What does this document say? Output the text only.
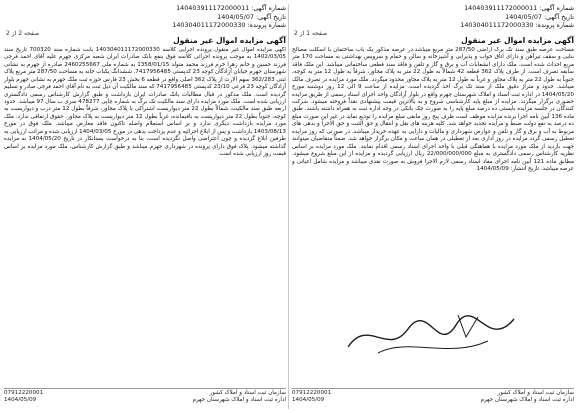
شماره آگهی: 140403911172000011
تاریخ آگهی: 1404/05/07
شماره پرونده: 140304011172000330
صفحه 1 از 2
آگهی مزایده اموال غیر منقول

مساحت عرصه طبق سند تک برگ اراضی 287/50 متر مربع میباشد.در عرصه مذکور یک باب ساختمان با اسکلت مصالح بنایی و سقف تیرآهن و دارای اتاق خواب و پذیرایی و آشپزخانه و سالن و حمام و سرویس بهداشتی به مساحت 170 متر مربع احداث شده است. ملک دارای انشعابات آب و برق و گاز و تلفن و فاقد سند قطعی ساختمانی میباشد. این ملک فاقد سابقه تصرف است. از طرف پلاک 362 قطعه 42 شمالاً به طول 22 متر به پلاک مجاور، شرقاً به طول 12 متر به کوچه، جنوباً به طول 22 متر به پلاک مجاور و غرباً به طول 12 متر به پلاک مجاور محدود میگردد. ملک مورد مزایده در تصرف مالک میباشد. حدود و متراژ دقیق ملک از سند تک برگ اخذ گردیده است. مزایده از ساعت 9 الی 12 روز دوشنبه مورخ 1404/05/20 در اداره ثبت اسناد و املاک شهرستان جهرم واقع در بلوار آزادگان واحد اجرای اسناد رسمی از طریق مزایده حضوری برگزار میگردد. مزایده از مبلغ پایه کارشناسی شروع و به بالاترین قیمت پیشنهادی نقداً فروخته میشود. شرکت کنندگان در جلسه مزایده بایستی ده درصد مبلغ پایه را به صورت چک بانکی در وجه اداره ثبت به همراه داشته باشند. طبق ماده 136 آیین نامه اجرا برنده مزایده موظف است ظرف پنج روز مابقی مبلغ مزایده را تودیع نماید در غیر این صورت مبلغ ده درصد به نفع دولت ضبط و مزایده تجدید خواهد شد. کلیه هزینه های نقل و انتقال و حق الثبت و حق الاجرا و بدهی های مربوط به آب و برق و گاز و تلفن و عوارض شهرداری و مالیات و دارایی به عهده خریدار میباشد. در صورتی که روز مزایده تعطیل رسمی گردد مزایده در روز اداری بعد از تعطیلی در همان ساعت و مکان برگزار خواهد شد. ضمناً متقاضیان میتوانند جهت بازدید از ملک مورد مزایده با هماهنگی قبلی با واحد اجرای اسناد رسمی اقدام نمایند. ملک مورد مزایده بر اساس نظریه کارشناس رسمی دادگستری به مبلغ 22/000/000/000 ریال ارزیابی گردیده و مزایده از این مبلغ شروع میشود. مطابق ماده 121 آیین نامه اجرای مفاد اسناد رسمی لازم الاجرا فروش به صورت نقدی میباشد و مزایده شامل اعیانی و عرصه میباشد. تاریخ انتشار: 1404/05/09

سازمان ثبت اسناد و املاک کشور
07912220001
اداره ثبت اسناد و املاک شهرستان جهرم
1404/05/09
شماره آگهی: 140403911172000011
تاریخ آگهی: 1404/05/07
شماره پرونده: 140304011172000330
صفحه 2 از 2
آگهی مزایده اموال غیر منقول

آگهی مزایده اموال غیر منقول پرونده اجرایی کلاسه 140304011172000330 بابت شماره سند 700320 تاریخ سند 1402/03/05 به موجب پرونده اجرائی کلاسه فوق بنفع بانک صادرات ایران شعبه مرکزی جهرم علیه آقای احمد فرجی فرزند حسین و خانم زهرا خرم فرزند محمد متولد 1358/01/15 به شماره ملی 2460255667 صادره از جهرم به نشانی شهرستان جهرم خیابان آزادگان کوچه 23 کدپستی 7417956485. ششدانگ یکباب خانه به مساحت 287/50 متر مربع پلاک ثبتی 362/283 سهم الارث از پلاک 362 اصلی واقع در قطعه 6 بخش 23 فارس حوزه ثبت ملک جهرم به نشانی جهرم بلوار آزادگان کوچه 23 فرعی 23/10 کدپستی 7417956485 که سند مالکیت آن ذیل ثبت به نام آقای احمد فرجی صادر و تسلیم گردیده است. ملک مذکور در قبال مطالبات بانک صادرات ایران بازداشت و طبق گزارش کارشناس رسمی دادگستری ارزیابی شده است. ملک مورد مزایده دارای سند مالکیت تک برگ به شماره چاپی 478277 سری ب سال 97 میباشد. حدود اربعه طبق سند مالکیت، شمالاً بطول 22 متر دیواریست اشتراکی با پلاک مجاور، شرقاً بطول 12 متر درب و دیواریست به کوچه، جنوباً بطول 22 متر دیواریست به باقیمانده، غرباً بطول 12 متر دیواریست به پلاک مجاور. حقوق ارتفاقی ندارد. ملک مورد مزایده بازداشت دیگری ندارد و بر اساس استعلام واصله تاکنون فاقد معارض میباشد. ملک فوق در مورخ 1403/08/13 بازداشت و پس از ابلاغ اجرائیه و عدم پرداخت بدهی در مورخ 1404/03/05 ارزیابی شده و مراتب ارزیابی به طرفین ابلاغ گردیده و چون اعتراضی واصل نگردیده است، بنا به درخواست بستانکار در تاریخ 1404/05/20 به مزایده گذاشته میشود. پلاک فوق دارای پرونده در شهرداری جهرم میباشد و طبق گزارش کارشناس، ملک مورد مزایده بر اساس قیمت روز ارزیابی شده است.

سازمان ثبت اسناد و املاک کشور
07912220001
اداره ثبت اسناد و املاک شهرستان جهرم
1404/05/09
